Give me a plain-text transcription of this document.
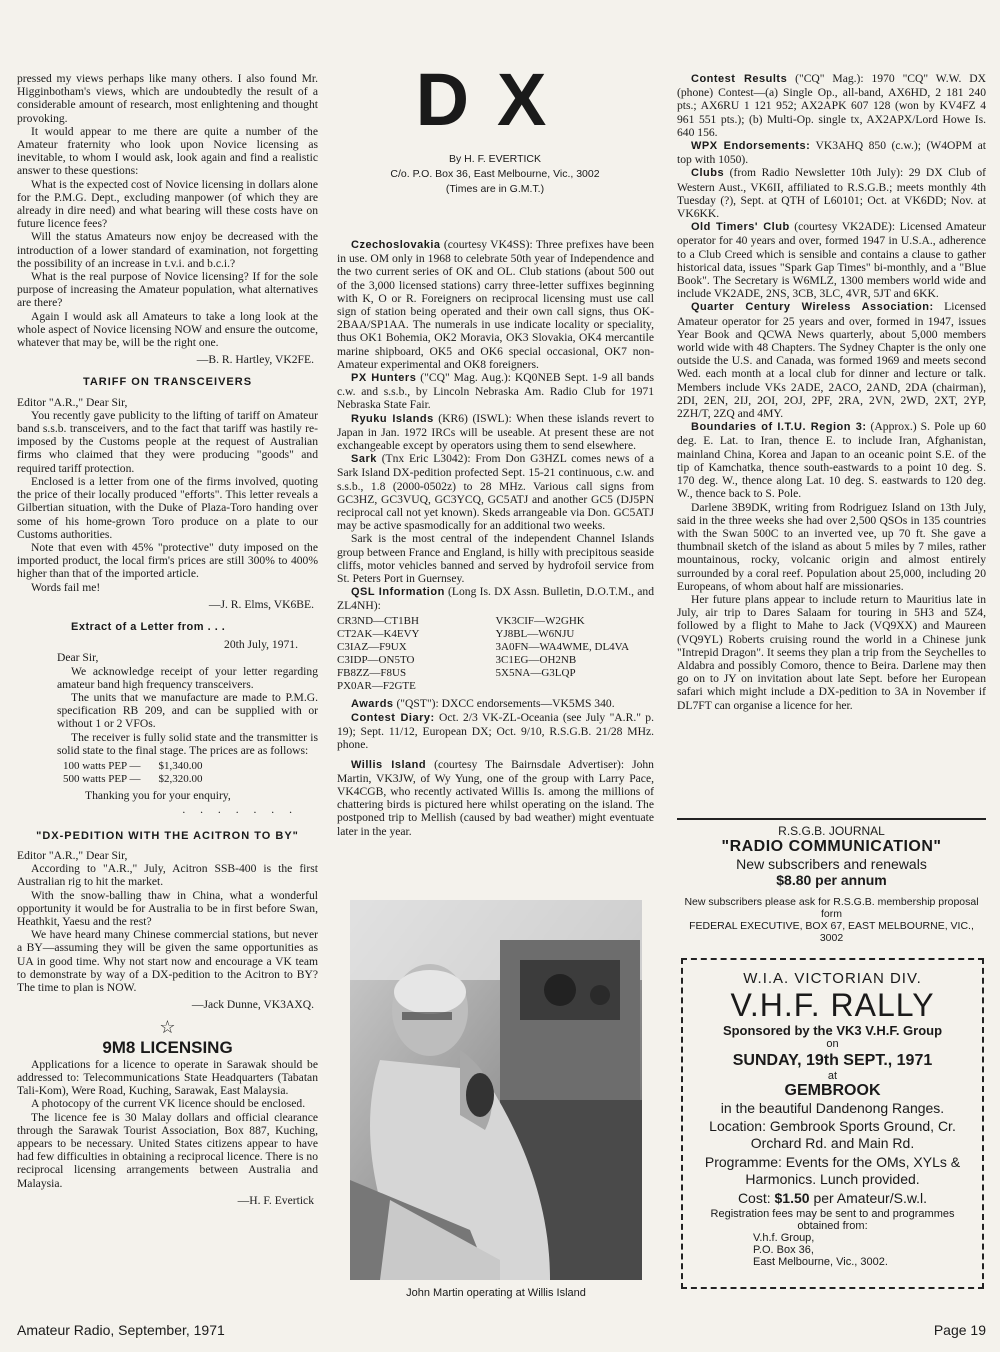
pressed my views perhaps like many others. I also found Mr. Higginbotham's views, which are undoubtedly the result of a considerable amount of research, most enlightening and thought provoking.

It would appear to me there are quite a number of the Amateur fraternity who look upon Novice licensing as inevitable, to whom I would ask, look again and find a realistic answer to these questions:

What is the expected cost of Novice licensing in dollars alone for the P.M.G. Dept., excluding manpower (of which they are already in dire need) and what bearing will these costs have on future licence fees?

Will the status Amateurs now enjoy be decreased with the introduction of a lower standard of examination, not forgetting the possibility of an increase in t.v.i. and b.c.i.?

What is the real purpose of Novice licensing? If for the sole purpose of increasing the Amateur population, what alternatives are there?

Again I would ask all Amateurs to take a long look at the whole aspect of Novice licensing NOW and ensure the outcome, whatever that may be, will be the right one.

—B. R. Hartley, VK2FE.

TARIFF ON TRANSCEIVERS

Editor "A.R.," Dear Sir,

You recently gave publicity to the lifting of tariff on Amateur band s.s.b. transceivers, and to the fact that tariff was hastily re-imposed by the Customs people at the request of Australian firms who claimed that they were producing "goods" and required tariff protection.

Enclosed is a letter from one of the firms involved, quoting the price of their locally produced "efforts". This letter reveals a Gilbertian situation, with the Duke of Plaza-Toro handing over some of his home-grown Toro produce on a plate to our Customs authorities.

Note that even with 45% "protective" duty imposed on the imported product, the local firm's prices are still 300% to 400% higher than that of the imported article.

Words fail me!

—J. R. Elms, VK6BE.

Extract of a Letter from . . .
20th July, 1971.

Dear Sir,

We acknowledge receipt of your letter regarding amateur band high frequency transceivers.

The units that we manufacture are made to P.M.G. specification RB 209, and can be supplied with or without 1 or 2 VFOs.

The receiver is fully solid state and the transmitter is solid state to the final stage. The prices are as follows:

100 watts PEP — $1,340.00
500 watts PEP — $2,320.00

Thanking you for your enquiry,

. . . . . . .
"DX-PEDITION WITH THE ACITRON TO BY"

Editor "A.R.," Dear Sir,

According to "A.R.," July, Acitron SSB-400 is the first Australian rig to hit the market.

With the snow-balling thaw in China, what a wonderful opportunity it would be for Australia to be in first before Swan, Heathkit, Yaesu and the rest?

We have heard many Chinese commercial stations, but never a BY—assuming they will be given the same opportunities as UA in good time. Why not start now and encourage a VK team to demonstrate by way of a DX-pedition to the Acitron to BY? The time to plan is NOW.

—Jack Dunne, VK3AXQ.

☆
9M8 LICENSING

Applications for a licence to operate in Sarawak should be addressed to: Telecommunications State Headquarters (Tabatan Tali-Kom), Were Road, Kuching, Sarawak, East Malaysia.

A photocopy of the current VK licence should be enclosed.

The licence fee is 30 Malay dollars and official clearance through the Sarawak Tourist Association, Box 887, Kuching, appears to be necessary. United States citizens appear to have had few difficulties in obtaining a reciprocal licence. There is no reciprocal licensing arrangements between Australia and Malaysia.

—H. F. Evertick

DX
By H. F. EVERTICK
C/o. P.O. Box 36, East Melbourne, Vic., 3002
(Times are in G.M.T.)

Czechoslovakia (courtesy VK4SS): Three prefixes have been in use. OM only in 1968 to celebrate 50th year of Independence and the two current series of OK and OL. Club stations (about 500 out of the 3,000 licensed stations) carry three-letter suffixes beginning with K, O or R. Foreigners on reciprocal licensing must use call sign of station being operated and their own call signs, thus OK-2BAA/SP1AA. The numerals in use indicate locality or speciality, thus OK1 Bohemia, OK2 Moravia, OK3 Slovakia, OK4 mercantile marine shipboard, OK5 and OK6 special occasional, OK7 non-Amateur experimental and OK8 foreigners.

PX Hunters ("CQ" Mag. Aug.): KQ0NEB Sept. 1-9 all bands c.w. and s.s.b., by Lincoln Nebraska Am. Radio Club for 1971 Nebraska State Fair.

Ryuku Islands (KR6) (ISWL): When these islands revert to Japan in Jan. 1972 IRCs will be useable. At present these are not exchangeable except by operators using them to send elsewhere.

Sark (Tnx Eric L3042): From Don G3HZL comes news of a Sark Island DX-pedition profected Sept. 15-21 continuous, c.w. and s.s.b., 1.8 (2000-0502z) to 28 MHz. Various call signs from GC3HZ, GC3VUQ, GC3YCQ, GC5ATJ and another GC5 (DJ5PN reciprocal call not yet known). Skeds arrangeable via Don. GC5ATJ may be active spasmodically for an additional two weeks.

Sark is the most central of the independent Channel Islands group between France and England, is hilly with precipitous seaside cliffs, motor vehicles banned and served by hydrofoil service from St. Peters Port in Guernsey.

QSL Information (Long Is. DX Assn. Bulletin, D.O.T.M., and ZL4NH):

CR3ND—CT1BH	VK3CIF—W2GHK
CT2AK—K4EVY	YJ8BL—W6NJU
C3IAZ—F9UX	3A0FN—WA4WME, DL4VA
C3IDP—ON5TO	3C1EG—OH2NB
FB8ZZ—F8US	5X5NA—G3LQP
PX0AR—F2GTE

Awards ("QST"): DXCC endorsements—VK5MS 340.

Contest Diary: Oct. 2/3 VK-ZL-Oceania (see July "A.R." p. 19); Sept. 11/12, European DX; Oct. 9/10, R.S.G.B. 21/28 MHz. phone.

Willis Island (courtesy The Bairnsdale Advertiser): John Martin, VK3JW, of Wy Yung, one of the group with Larry Pace, VK4CGB, who recently activated Willis Is. among the millions of chattering birds is pictured here whilst operating on the island. The postponed trip to Mellish (caused by bad weather) might eventuate later in the year.

John Martin operating at Willis Island

Contest Results ("CQ" Mag.): 1970 "CQ" W.W. DX (phone) Contest—(a) Single Op., all-band, AX6HD, 2 181 240 pts.; AX6RU 1 121 952; AX2APK 607 128 (won by KV4FZ 4 961 551 pts.); (b) Multi-Op. single tx, AX2APX/Lord Howe Is. 640 156.

WPX Endorsements: VK3AHQ 850 (c.w.); (W4OPM at top with 1050).

Clubs (from Radio Newsletter 10th July): 29 DX Club of Western Aust., VK6II, affiliated to R.S.G.B.; meets monthly 4th Tuesday (?), Sept. at QTH of L60101; Oct. at VK6DD; Nov. at VK6KK.

Old Timers' Club (courtesy VK2ADE): Licensed Amateur operator for 40 years and over, formed 1947 in U.S.A., adherence to a Club Creed which is sensible and contains a clause to gather historical data, issues "Spark Gap Times" bi-monthly, and a "Blue Book". The Secretary is W6MLZ, 1300 members world wide and include VK2ADE, 2NS, 3CB, 3LC, 4VR, 5JT and 6KK.

Quarter Century Wireless Association: Licensed Amateur operator for 25 years and over, formed in 1947, issues Year Book and QCWA News quarterly, about 5,000 members world wide with 48 Chapters. The Sydney Chapter is the only one outside the U.S. and Canada, was formed 1969 and meets second Wed. each month at a local club for dinner and lecture or talk. Members include VKs 2ADE, 2ACO, 2AND, 2DA (chairman), 2DI, 2EN, 2IJ, 2OI, 2OJ, 2PF, 2RA, 2VN, 2WD, 2XT, 2YP, 2ZH/T, 2ZQ and 4MY.

Boundaries of I.T.U. Region 3: (Approx.) S. Pole up 60 deg. E. Lat. to Iran, thence E. to include Iran, Afghanistan, mainland China, Korea and Japan to an oceanic point S.E. of the tip of Kamchatka, thence south-eastwards to a point 10 deg. S. 170 deg. W., thence along Lat. 10 deg. S. eastwards to 120 deg. W., thence back to S. Pole.

Darlene 3B9DK, writing from Rodriguez Island on 13th July, said in the three weeks she had over 2,500 QSOs in 135 countries with the Swan 500C to an inverted vee, up 70 ft. She gave a thumbnail sketch of the island as about 5 miles by 7 miles, rather mountainous, rocky, volcanic origin and almost entirely surrounded by a coral reef. Population about 25,000, including 20 Europeans, of whom about half are missionaries.

Her future plans appear to include return to Mauritius late in July, air trip to Dares Salaam for touring in 5H3 and 5Z4, followed by a flight to Mahe to Jack (VQ9XX) and Maureen (VQ9YL) Roberts cruising round the world in a Chinese junk "Intrepid Dragon". It seems they plan a trip from the Seychelles to Aldabra and possibly Comoro, thence to Beira. Darlene may then go on to JY on invitation about late Sept. before her European safari which might include a DX-pedition to 3A in November if DL7FT can organise a licence for her.

R.S.G.B. JOURNAL
"RADIO COMMUNICATION"
New subscribers and renewals
$8.80 per annum
New subscribers please ask for R.S.G.B. membership proposal form
FEDERAL EXECUTIVE, BOX 67, EAST MELBOURNE, VIC., 3002
W.I.A. VICTORIAN DIV.
V.H.F. RALLY
Sponsored by the VK3 V.H.F. Group
on
SUNDAY, 19th SEPT., 1971
at
GEMBROOK
in the beautiful Dandenong Ranges.
Location: Gembrook Sports Ground, Cr. Orchard Rd. and Main Rd.
Programme: Events for the OMs, XYLs & Harmonics. Lunch provided.
Cost: $1.50 per Amateur/S.w.l.
Registration fees may be sent to and programmes obtained from:
V.h.f. Group,
P.O. Box 36,
East Melbourne, Vic., 3002.
Amateur Radio, September, 1971	Page 19
